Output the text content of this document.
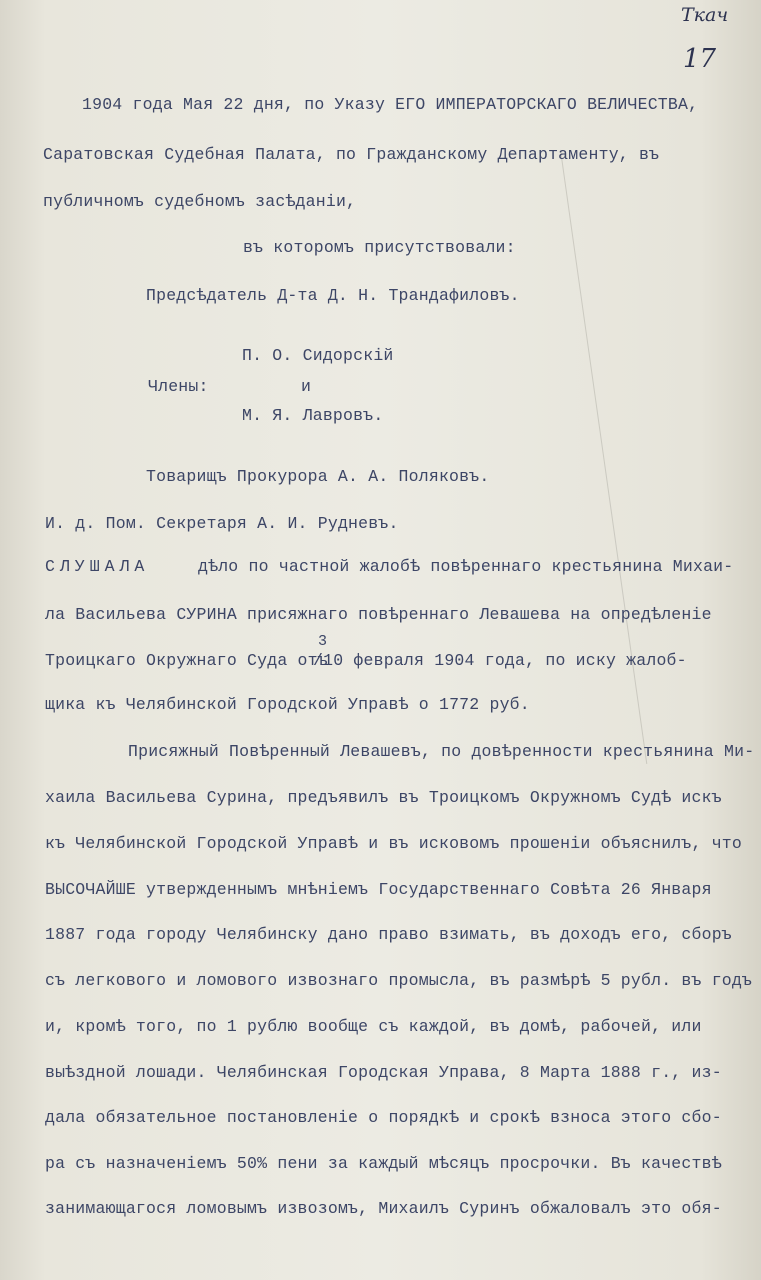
Ткач
17
1904 года Мая 22 дня, по Указу ЕГО ИМПЕРАТОРСКАГО ВЕЛИЧЕСТВА,
Саратовская Судебная Палата, по Гражданскому Департаменту, въ
публичномъ судебномъ засѣданіи,
въ которомъ присутствовали:
Предсѣдатель Д-та Д. Н. Трандафиловъ.
П. О. Сидорскій
Члены:	и
М. Я. Лавровъ.
Товарищъ Прокурора А. А. Поляковъ.
И. д. Пом. Секретаря А. И. Рудневъ.
СЛУШАЛА	дѣло по частной жалобѣ повѣреннаго крестьянина Михаи-
ла Васильева СУРИНА присяжнаго повѣреннаго Левашева на опредѣленіе
Троицкаго Окружнаго Суда отъ
3
/10 февраля 1904 года, по иску жалоб-
щика къ Челябинской Городской Управѣ о 1772 руб.
Присяжный Повѣренный Левашевъ, по довѣренности крестьянина Ми-
хаила Васильева Сурина, предъявилъ въ Троицкомъ Окружномъ Судѣ искъ
къ Челябинской Городской Управѣ и въ исковомъ прошеніи объяснилъ, что
ВЫСОЧАЙШЕ утвержденнымъ мнѣніемъ Государственнаго Совѣта 26 Января
1887 года городу Челябинску дано право взимать, въ доходъ его, сборъ
съ легкового и ломового извознаго промысла, въ размѣрѣ 5 рубл. въ годъ
и, кромѣ того, по 1 рублю вообще съ каждой, въ домѣ, рабочей, или
выѣздной лошади. Челябинская Городская Управа, 8 Марта 1888 г., из-
дала обязательное постановленіе о порядкѣ и срокѣ взноса этого сбо-
ра съ назначеніемъ 50% пени за каждый мѣсяцъ просрочки. Въ качествѣ
занимающагося ломовымъ извозомъ, Михаилъ Суринъ обжаловалъ это обя-
